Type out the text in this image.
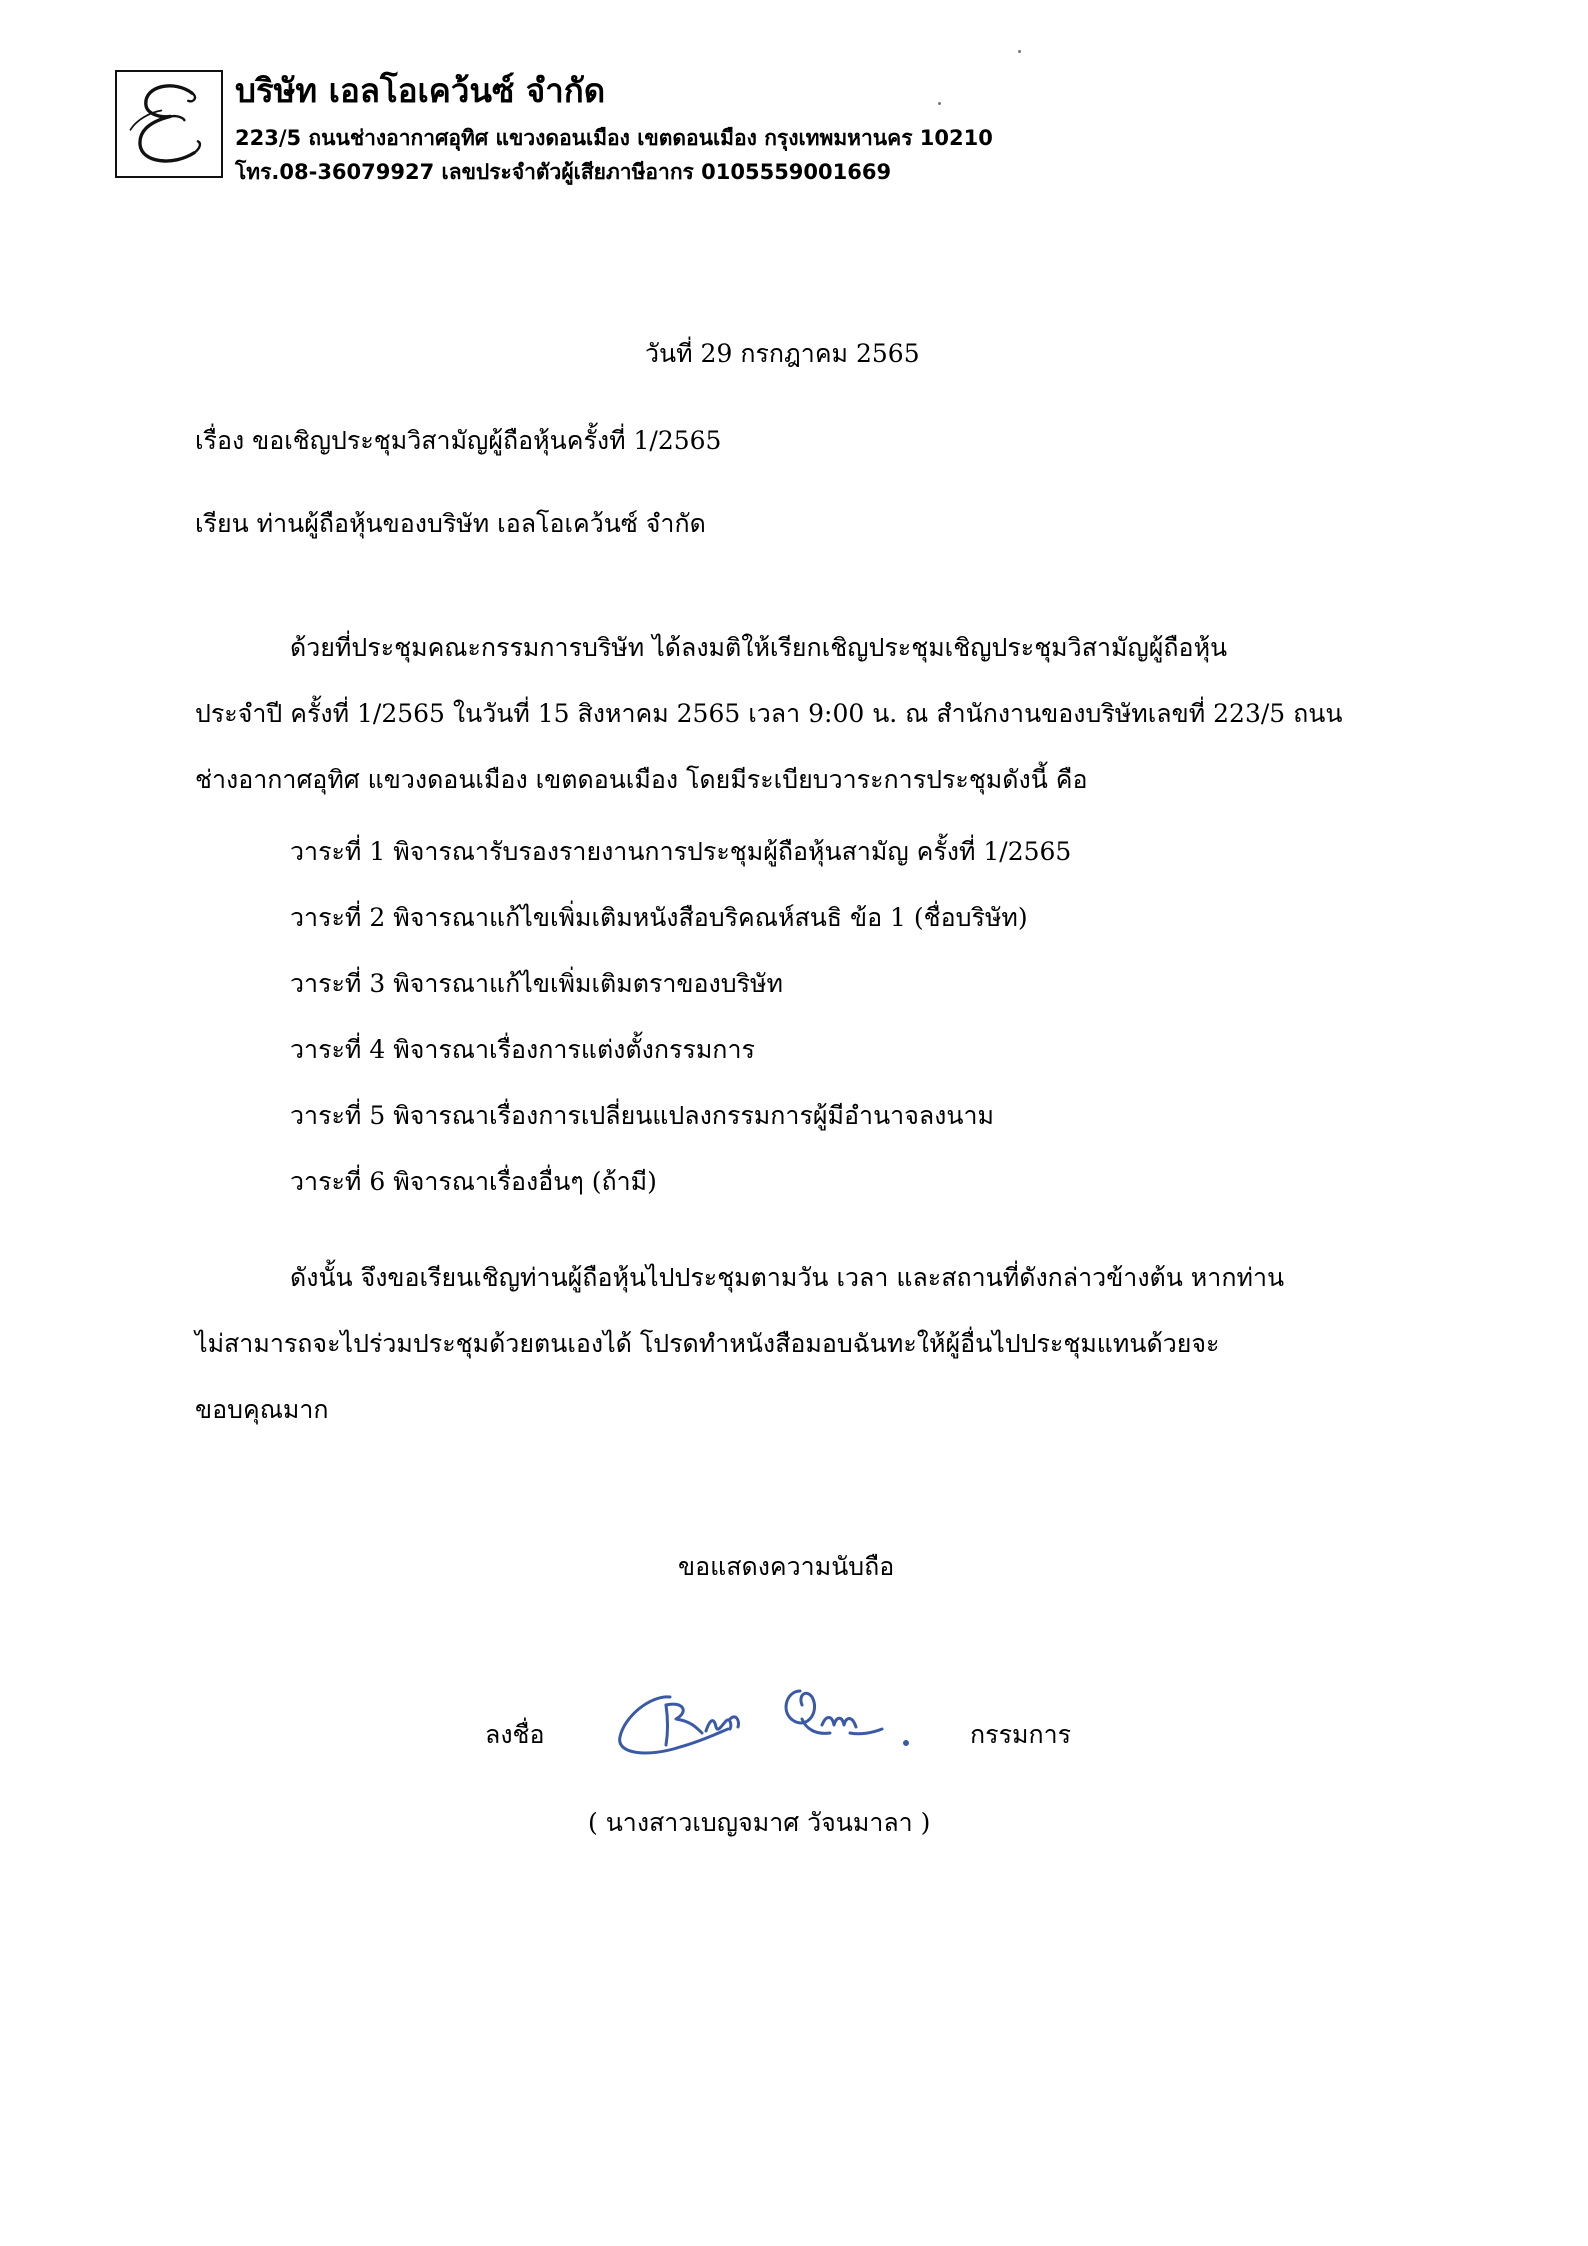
บริษัท เอลโอเคว้นซ์ จำกัด
223/5 ถนนช่างอากาศอุทิศ แขวงดอนเมือง เขตดอนเมือง กรุงเทพมหานคร 10210
โทร.08-36079927 เลขประจำตัวผู้เสียภาษีอากร 0105559001669
วันที่ 29 กรกฎาคม 2565
เรื่อง ขอเชิญประชุมวิสามัญผู้ถือหุ้นครั้งที่ 1/2565
เรียน ท่านผู้ถือหุ้นของบริษัท เอลโอเคว้นซ์ จำกัด
ด้วยที่ประชุมคณะกรรมการบริษัท ได้ลงมติให้เรียกเชิญประชุมเชิญประชุมวิสามัญผู้ถือหุ้น
ประจำปี ครั้งที่ 1/2565 ในวันที่ 15 สิงหาคม 2565 เวลา 9:00 น. ณ สำนักงานของบริษัทเลขที่ 223/5 ถนน
ช่างอากาศอุทิศ แขวงดอนเมือง เขตดอนเมือง โดยมีระเบียบวาระการประชุมดังนี้ คือ
วาระที่ 1 พิจารณารับรองรายงานการประชุมผู้ถือหุ้นสามัญ ครั้งที่ 1/2565
วาระที่ 2 พิจารณาแก้ไขเพิ่มเติมหนังสือบริคณห์สนธิ ข้อ 1 (ชื่อบริษัท)
วาระที่ 3 พิจารณาแก้ไขเพิ่มเติมตราของบริษัท
วาระที่ 4 พิจารณาเรื่องการแต่งตั้งกรรมการ
วาระที่ 5 พิจารณาเรื่องการเปลี่ยนแปลงกรรมการผู้มีอำนาจลงนาม
วาระที่ 6 พิจารณาเรื่องอื่นๆ (ถ้ามี)
ดังนั้น จึงขอเรียนเชิญท่านผู้ถือหุ้นไปประชุมตามวัน เวลา และสถานที่ดังกล่าวข้างต้น หากท่าน
ไม่สามารถจะไปร่วมประชุมด้วยตนเองได้ โปรดทำหนังสือมอบฉันทะให้ผู้อื่นไปประชุมแทนด้วยจะ
ขอบคุณมาก
ขอแสดงความนับถือ
ลงชื่อ	กรรมการ
( นางสาวเบญจมาศ วัจนมาลา )
